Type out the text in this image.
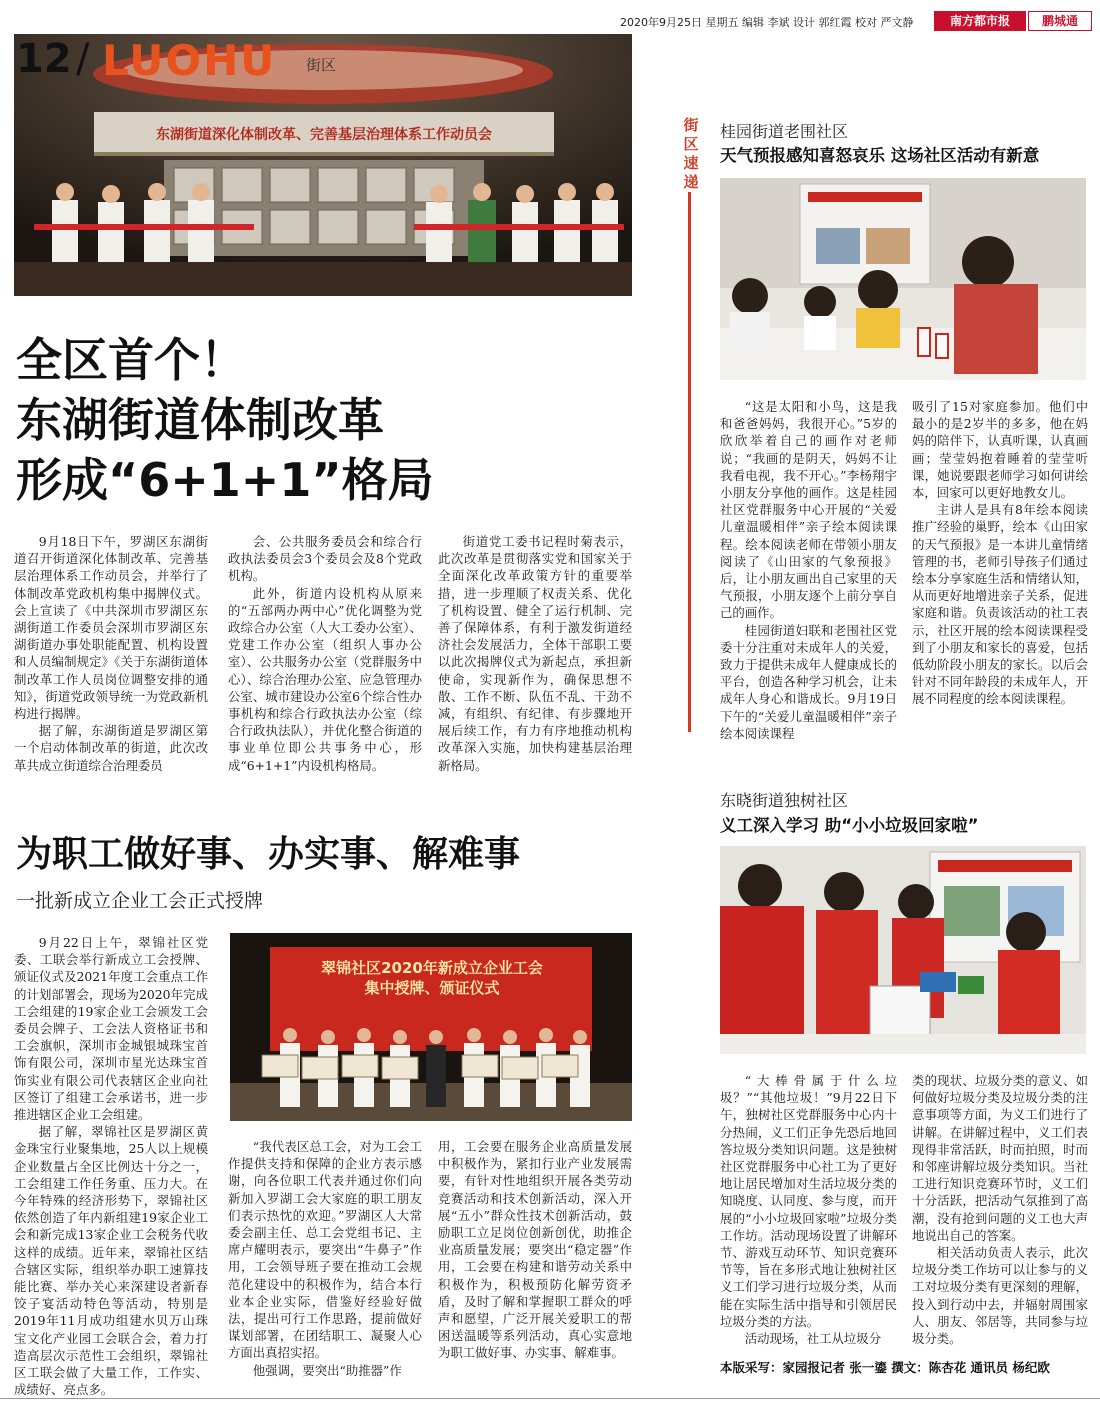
2020年9月25日 星期五 编辑 李斌 设计 郭红霞 校对 严文静	南方都市报	鹏城通
东湖街道深化体制改革、完善基层治理体系工作动员会
12 / LUOHU 街区
全区首个！
东湖街道体制改革
形成“6+1+1”格局

9月18日下午，罗湖区东湖街道召开街道深化体制改革、完善基层治理体系工作动员会，并举行了体制改革党政机构集中揭牌仪式。会上宣读了《中共深圳市罗湖区东湖街道工作委员会深圳市罗湖区东湖街道办事处职能配置、机构设置和人员编制规定》《关于东湖街道体制改革工作人员岗位调整安排的通知》，街道党政领导统一为党政新机构进行揭牌。

据了解，东湖街道是罗湖区第一个启动体制改革的街道，此次改革共成立街道综合治理委员

会、公共服务委员会和综合行政执法委员会3个委员会及8个党政机构。

此外，街道内设机构从原来的“五部两办两中心”优化调整为党政综合办公室（人大工委办公室）、党建工作办公室（组织人事办公室）、公共服务办公室（党群服务中心）、综合治理办公室、应急管理办公室、城市建设办公室6个综合性办事机构和综合行政执法办公室（综合行政执法队），并优化整合街道的事业单位即公共事务中心，形成“6+1+1”内设机构格局。

街道党工委书记程时菊表示，此次改革是贯彻落实党和国家关于全面深化改革政策方针的重要举措，进一步理顺了权责关系、优化了机构设置、健全了运行机制、完善了保障体系，有利于激发街道经济社会发展活力，全体干部职工要以此次揭牌仪式为新起点，承担新使命，实现新作为，确保思想不散、工作不断、队伍不乱、干劲不减，有组织、有纪律、有步骤地开展后续工作，有力有序地推动机构改革深入实施，加快构建基层治理新格局。

为职工做好事、办实事、解难事
一批新成立企业工会正式授牌

9月22日上午，翠锦社区党委、工联会举行新成立工会授牌、颁证仪式及2021年度工会重点工作的计划部署会，现场为2020年完成工会组建的19家企业工会颁发工会委员会牌子、工会法人资格证书和工会旗帜，深圳市金城银城珠宝首饰有限公司，深圳市星光达珠宝首饰实业有限公司代表辖区企业向社区签订了组建工会承诺书，进一步推进辖区企业工会组建。

据了解，翠锦社区是罗湖区黄金珠宝行业聚集地，25人以上规模企业数量占全区比例达十分之一，工会组建工作任务重、压力大。在今年特殊的经济形势下，翠锦社区依然创造了年内新组建19家企业工会和新完成13家企业工会税务代收这样的成绩。近年来，翠锦社区结合辖区实际，组织举办职工速算技能比赛、举办关心来深建设者新春饺子宴活动特色等活动，特别是2019年11月成功组建水贝万山珠宝文化产业园工会联合会，着力打造高层次示范性工会组织，翠锦社区工联会做了大量工作，工作实、成绩好、亮点多。

翠锦社区2020年新成立企业工会
集中授牌、颁证仪式

“我代表区总工会，对为工会工作提供支持和保障的企业方表示感谢，向各位职工代表并通过你们向新加入罗湖工会大家庭的职工朋友们表示热忱的欢迎。”罗湖区人大常委会副主任、总工会党组书记、主席卢耀明表示，要突出“牛鼻子”作用，工会领导班子要在推动工会规范化建设中的积极作为，结合本行业本企业实际，借鉴好经验好做法，提出可行工作思路，提前做好谋划部署，在团结职工、凝聚人心方面出真招实招。

他强调，要突出“助推器”作

用，工会要在服务企业高质量发展中积极作为，紧扣行业产业发展需要，有针对性地组织开展各类劳动竞赛活动和技术创新活动，深入开展“五小”群众性技术创新活动，鼓励职工立足岗位创新创优，助推企业高质量发展；要突出“稳定器”作用，工会要在构建和谐劳动关系中积极作为，积极预防化解劳资矛盾，及时了解和掌握职工群众的呼声和愿望，广泛开展关爱职工的帮困送温暖等系列活动，真心实意地为职工做好事、办实事、解难事。

街区速递
桂园街道老围社区
天气预报感知喜怒哀乐 这场社区活动有新意

“这是太阳和小鸟，这是我和爸爸妈妈，我很开心。”5岁的欣欣举着自己的画作对老师说；“我画的是阴天，妈妈不让我看电视，我不开心。”李杨翔宇小朋友分享他的画作。这是桂园社区党群服务中心开展的“关爱儿童温暖相伴”亲子绘本阅读课程。绘本阅读老师在带领小朋友阅读了《山田家的气象预报》后，让小朋友画出自己家里的天气预报，小朋友逐个上前分享自己的画作。

桂园街道妇联和老围社区党委十分注重对未成年人的关爱，致力于提供未成年人健康成长的平台，创造各种学习机会，让未成年人身心和谐成长。9月19日下午的“关爱儿童温暖相伴”亲子绘本阅读课程

吸引了15对家庭参加。他们中最小的是2岁半的多多，他在妈妈的陪伴下，认真听课，认真画画；莹莹妈抱着睡着的莹莹听课，她说要跟老师学习如何讲绘本，回家可以更好地教女儿。

主讲人是具有8年绘本阅读推广经验的巢野，绘本《山田家的天气预报》是一本讲儿童情绪管理的书，老师引导孩子们通过绘本分享家庭生活和情绪认知，从而更好地增进亲子关系，促进家庭和谐。负责该活动的社工表示，社区开展的绘本阅读课程受到了小朋友和家长的喜爱，包括低幼阶段小朋友的家长。以后会针对不同年龄段的未成年人，开展不同程度的绘本阅读课程。

东晓街道独树社区
义工深入学习 助“小小垃圾回家啦”

“大棒骨属于什么垃圾？”“其他垃圾！”9月22日下午，独树社区党群服务中心内十分热闹，义工们正争先恐后地回答垃圾分类知识问题。这是独树社区党群服务中心社工为了更好地让居民增加对生活垃圾分类的知晓度、认同度、参与度，而开展的“小小垃圾回家啦”垃圾分类工作坊。活动现场设置了讲解环节、游戏互动环节、知识竞赛环节等，旨在多形式地让独树社区义工们学习进行垃圾分类，从而能在实际生活中指导和引领居民垃圾分类的方法。

活动现场，社工从垃圾分

类的现状、垃圾分类的意义、如何做好垃圾分类及垃圾分类的注意事项等方面，为义工们进行了讲解。在讲解过程中，义工们表现得非常活跃，时而拍照，时而和邻座讲解垃圾分类知识。当社工进行知识竞赛环节时，义工们十分活跃，把活动气氛推到了高潮，没有抢到问题的义工也大声地说出自己的答案。

相关活动负责人表示，此次垃圾分类工作坊可以让参与的义工对垃圾分类有更深刻的理解，投入到行动中去，并辐射周围家人、朋友、邻居等，共同参与垃圾分类。

本版采写：家园报记者 张一鎏 撰文：陈杏花 通讯员 杨纪欧
